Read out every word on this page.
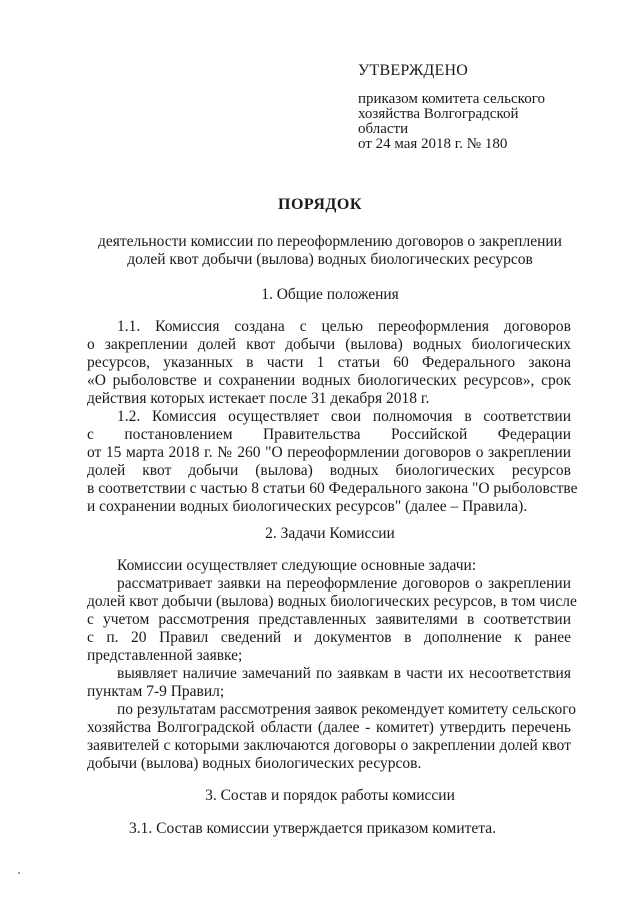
УТВЕРЖДЕНО
приказом комитета сельского
хозяйства Волгоградской
области
от 24 мая 2018 г. № 180
ПОРЯДОК
деятельности комиссии по переоформлению договоров о закреплении
долей квот добычи (вылова) водных биологических ресурсов
1. Общие положения
1.1. Комиссия создана с целью переоформления договоров
о закреплении долей квот добычи (вылова) водных биологических
ресурсов, указанных в части 1 статьи 60 Федерального закона
«О рыболовстве и сохранении водных биологических ресурсов», срок
действия которых истекает после 31 декабря 2018 г.
1.2. Комиссия осуществляет свои полномочия в соответствии
с постановлением Правительства Российской Федерации
от 15 марта 2018 г. № 260 "О переоформлении договоров о закреплении
долей квот добычи (вылова) водных биологических ресурсов
в соответствии с частью 8 статьи 60 Федерального закона "О рыболовстве
и сохранении водных биологических ресурсов" (далее – Правила).
2. Задачи Комиссии
Комиссии осуществляет следующие основные задачи:
рассматривает заявки на переоформление договоров о закреплении
долей квот добычи (вылова) водных биологических ресурсов, в том числе
с учетом рассмотрения представленных заявителями в соответствии
с п. 20 Правил сведений и документов в дополнение к ранее
представленной заявке;
выявляет наличие замечаний по заявкам в части их несоответствия
пунктам 7-9 Правил;
по результатам рассмотрения заявок рекомендует комитету сельского
хозяйства Волгоградской области (далее - комитет) утвердить перечень
заявителей с которыми заключаются договоры о закреплении долей квот
добычи (вылова) водных биологических ресурсов.
3. Состав и порядок работы комиссии
3.1. Состав комиссии утверждается приказом комитета.
